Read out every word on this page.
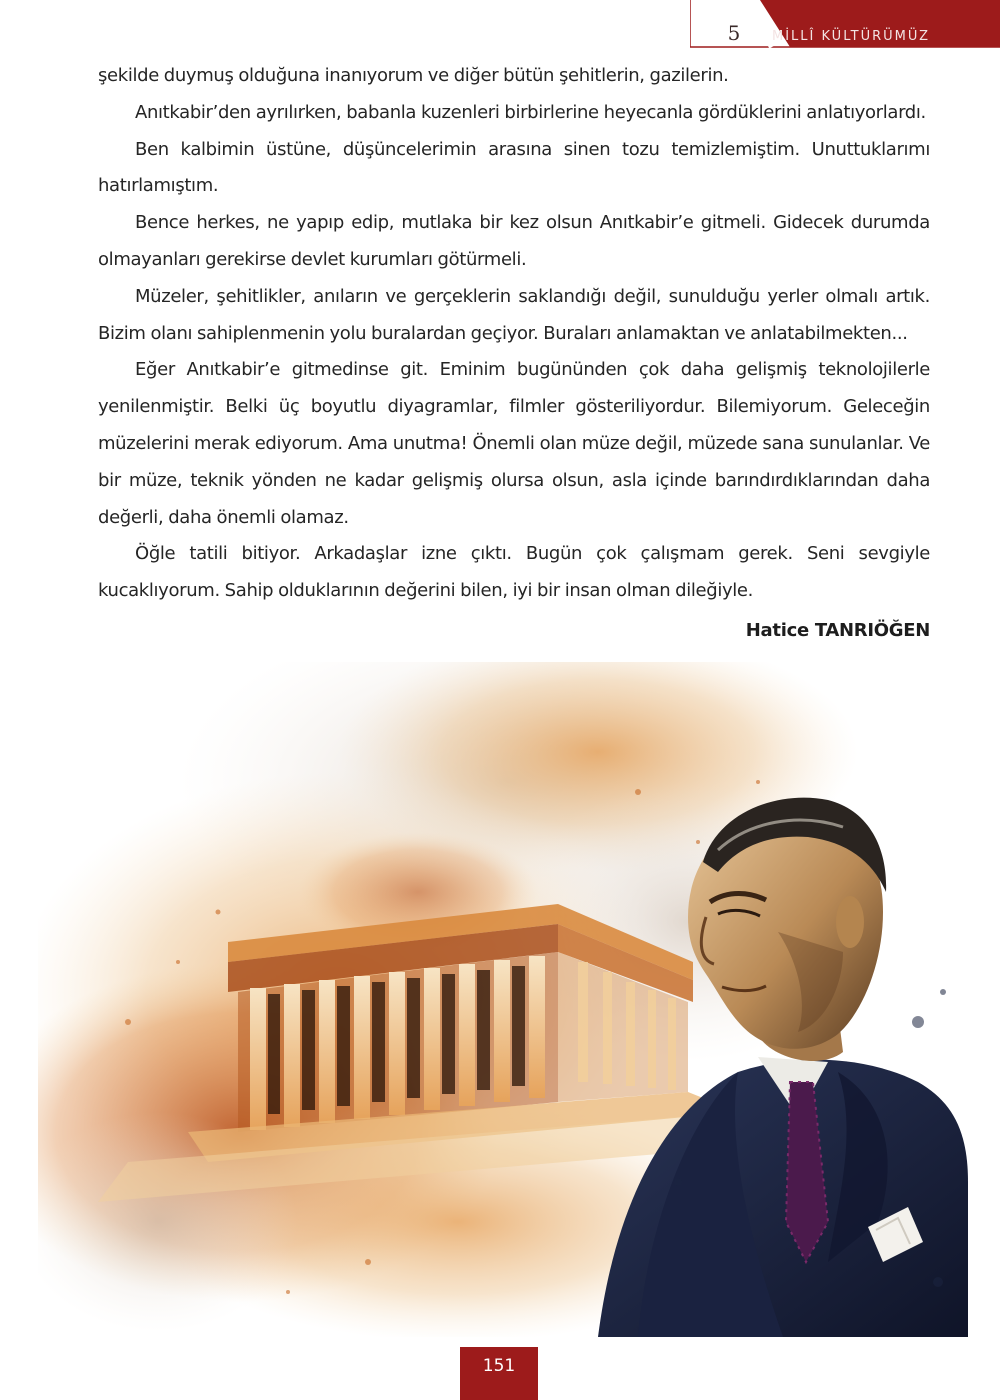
5 MİLLÎ KÜLTÜRÜMÜZ

şekilde duymuş olduğuna inanıyorum ve diğer bütün şehitlerin, gazilerin.

Anıtkabir’den ayrılırken, babanla kuzenleri birbirlerine heyecanla gördüklerini anlatıyorlardı.

Ben kalbimin üstüne, düşüncelerimin arasına sinen tozu temizlemiştim. Unuttuklarımı hatırlamıştım.

Bence herkes, ne yapıp edip, mutlaka bir kez olsun Anıtkabir’e gitmeli. Gidecek durumda olmayanları gerekirse devlet kurumları götürmeli.

Müzeler, şehitlikler, anıların ve gerçeklerin saklandığı değil, sunulduğu yerler olmalı artık. Bizim olanı sahiplenmenin yolu buralardan geçiyor. Buraları anlamaktan ve anlatabilmekten...

Eğer Anıtkabir’e gitmedinse git. Eminim bugününden çok daha gelişmiş teknolojilerle yenilenmiştir. Belki üç boyutlu diyagramlar, filmler gösteriliyordur. Bilemiyorum. Geleceğin müzelerini merak ediyorum. Ama unutma! Önemli olan müze değil, müzede sana sunulanlar. Ve bir müze, teknik yönden ne kadar gelişmiş olursa olsun, asla içinde barındırdıklarından daha değerli, daha önemli olamaz.

Öğle tatili bitiyor. Arkadaşlar izne çıktı. Bugün çok çalışmam gerek. Seni sevgiyle kucaklıyorum. Sahip olduklarının değerini bilen, iyi bir insan olman dileğiyle.

Hatice TANRIÖĞEN

151
